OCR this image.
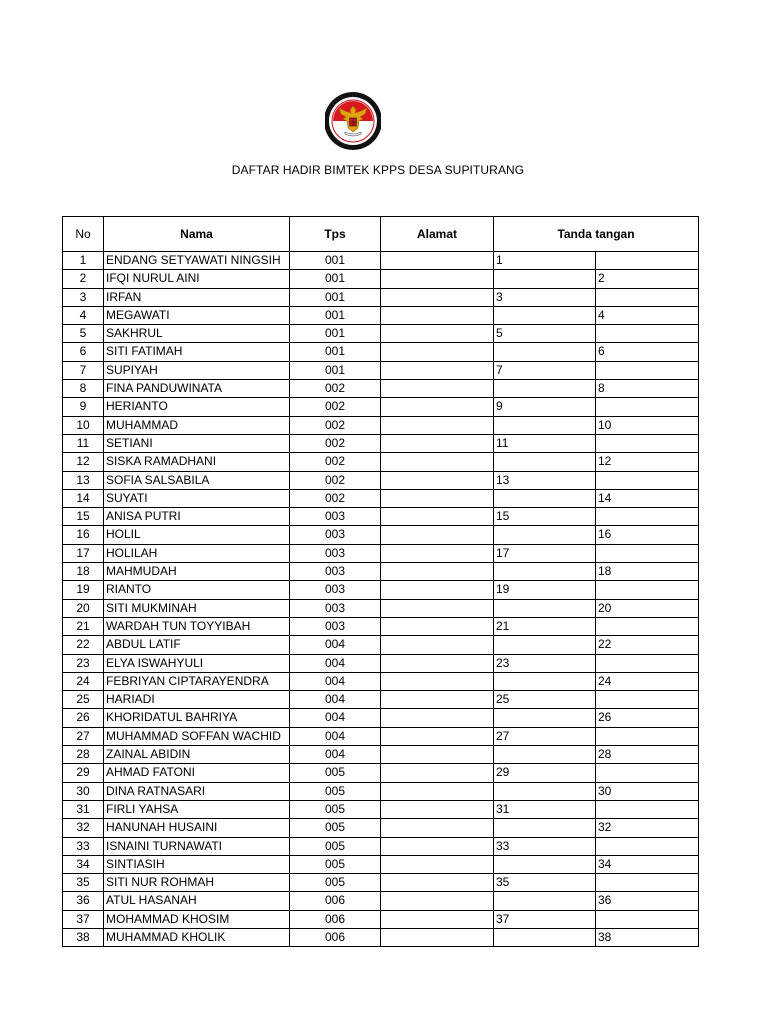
DAFTAR HADIR BIMTEK KPPS DESA SUPITURANG
No	Nama	Tps	Alamat	Tanda tangan	
1	ENDANG SETYAWATI NINGSIH	001		1	
2	IFQI NURUL AINI	001			2
3	IRFAN	001		3	
4	MEGAWATI	001			4
5	SAKHRUL	001		5	
6	SITI FATIMAH	001			6
7	SUPIYAH	001		7	
8	FINA PANDUWINATA	002			8
9	HERIANTO	002		9	
10	MUHAMMAD	002			10
11	SETIANI	002		11	
12	SISKA RAMADHANI	002			12
13	SOFIA SALSABILA	002		13	
14	SUYATI	002			14
15	ANISA PUTRI	003		15	
16	HOLIL	003			16
17	HOLILAH	003		17	
18	MAHMUDAH	003			18
19	RIANTO	003		19	
20	SITI MUKMINAH	003			20
21	WARDAH TUN TOYYIBAH	003		21	
22	ABDUL LATIF	004			22
23	ELYA ISWAHYULI	004		23	
24	FEBRIYAN CIPTARAYENDRA	004			24
25	HARIADI	004		25	
26	KHORIDATUL BAHRIYA	004			26
27	MUHAMMAD SOFFAN WACHID	004		27	
28	ZAINAL ABIDIN	004			28
29	AHMAD FATONI	005		29	
30	DINA RATNASARI	005			30
31	FIRLI YAHSA	005		31	
32	HANUNAH HUSAINI	005			32
33	ISNAINI TURNAWATI	005		33	
34	SINTIASIH	005			34
35	SITI NUR ROHMAH	005		35	
36	ATUL HASANAH	006			36
37	MOHAMMAD KHOSIM	006		37	
38	MUHAMMAD KHOLIK	006			38
